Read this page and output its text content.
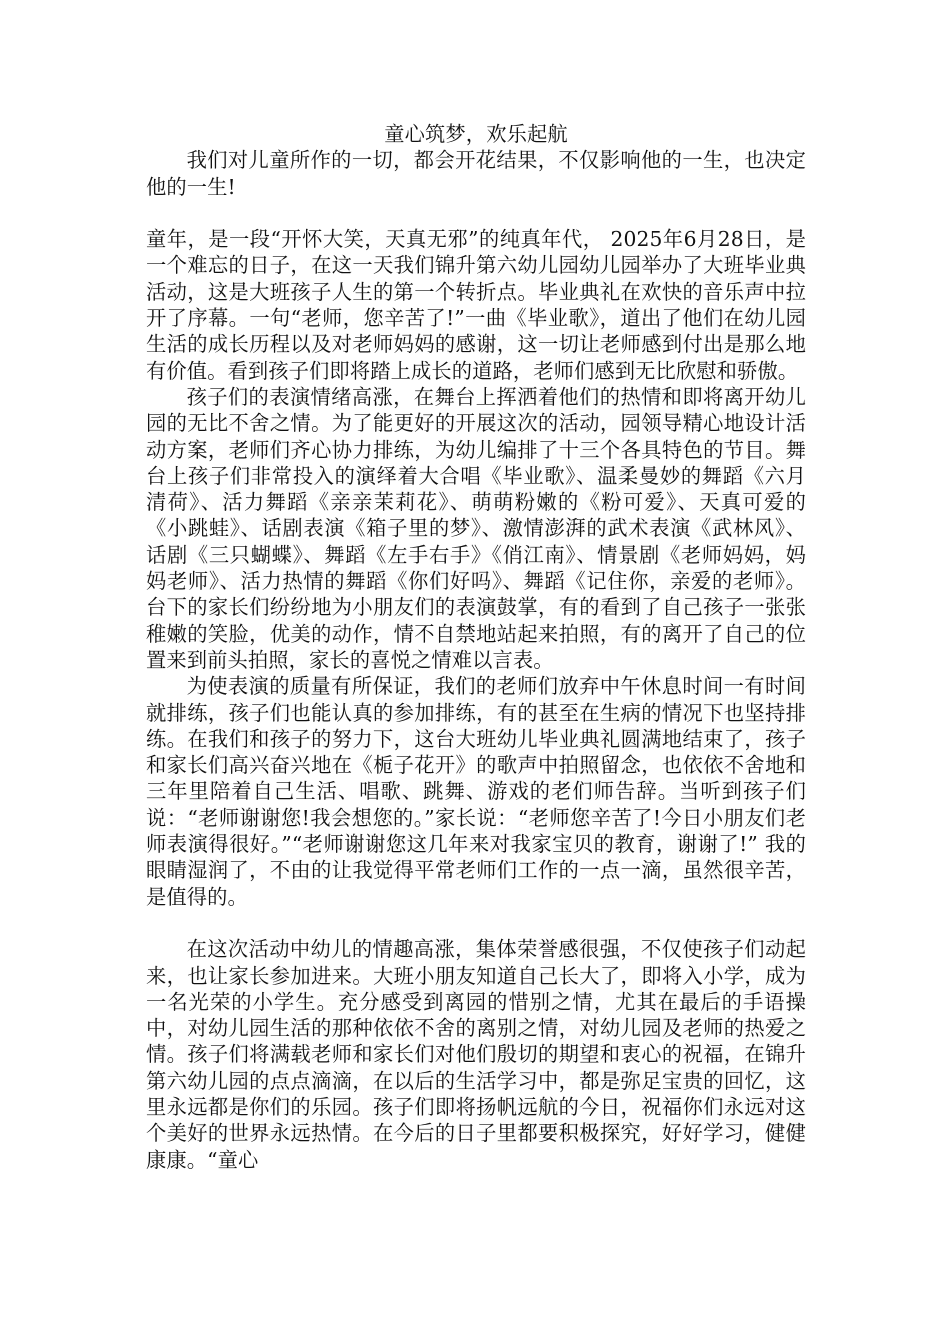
童心筑梦，欢乐起航

我们对儿童所作的一切，都会开花结果，不仅影响他的一生，也决定他的一生!

童年，是一段“开怀大笑，天真无邪”的纯真年代， 2025年6月28日，是一个难忘的日子，在这一天我们锦升第六幼儿园幼儿园举办了大班毕业典活动，这是大班孩子人生的第一个转折点。毕业典礼在欢快的音乐声中拉开了序幕。一句“老师，您辛苦了!”一曲《毕业歌》，道出了他们在幼儿园生活的成长历程以及对老师妈妈的感谢，这一切让老师感到付出是那么地有价值。看到孩子们即将踏上成长的道路，老师们感到无比欣慰和骄傲。

孩子们的表演情绪高涨，在舞台上挥洒着他们的热情和即将离开幼儿园的无比不舍之情。为了能更好的开展这次的活动，园领导精心地设计活动方案，老师们齐心协力排练，为幼儿编排了十三个各具特色的节目。舞台上孩子们非常投入的演绎着大合唱《毕业歌》、温柔曼妙的舞蹈《六月清荷》、活力舞蹈《亲亲茉莉花》、萌萌粉嫩的《粉可爱》、天真可爱的《小跳蛙》、话剧表演《箱子里的梦》、激情澎湃的武术表演《武林风》、话剧《三只蝴蝶》、舞蹈《左手右手》《俏江南》、情景剧《老师妈妈，妈妈老师》、活力热情的舞蹈《你们好吗》、舞蹈《记住你，亲爱的老师》。台下的家长们纷纷地为小朋友们的表演鼓掌，有的看到了自己孩子一张张稚嫩的笑脸，优美的动作，情不自禁地站起来拍照，有的离开了自己的位置来到前头拍照，家长的喜悦之情难以言表。

为使表演的质量有所保证，我们的老师们放弃中午休息时间一有时间就排练，孩子们也能认真的参加排练，有的甚至在生病的情况下也坚持排练。在我们和孩子的努力下，这台大班幼儿毕业典礼圆满地结束了，孩子和家长们高兴奋兴地在《栀子花开》的歌声中拍照留念，也依依不舍地和三年里陪着自己生活、唱歌、跳舞、游戏的老们师告辞。当听到孩子们说：“老师谢谢您!我会想您的。”家长说：“老师您辛苦了!今日小朋友们老师表演得很好。”“老师谢谢您这几年来对我家宝贝的教育，谢谢了!” 我的眼睛湿润了，不由的让我觉得平常老师们工作的一点一滴，虽然很辛苦，是值得的。

在这次活动中幼儿的情趣高涨，集体荣誉感很强，不仅使孩子们动起来，也让家长参加进来。大班小朋友知道自己长大了，即将入小学，成为一名光荣的小学生。充分感受到离园的惜别之情，尤其在最后的手语操中，对幼儿园生活的那种依依不舍的离别之情，对幼儿园及老师的热爱之情。孩子们将满载老师和家长们对他们殷切的期望和衷心的祝福，在锦升第六幼儿园的点点滴滴，在以后的生活学习中，都是弥足宝贵的回忆，这里永远都是你们的乐园。孩子们即将扬帆远航的今日，祝福你们永远对这个美好的世界永远热情。在今后的日子里都要积极探究，好好学习，健健康康。“童心
